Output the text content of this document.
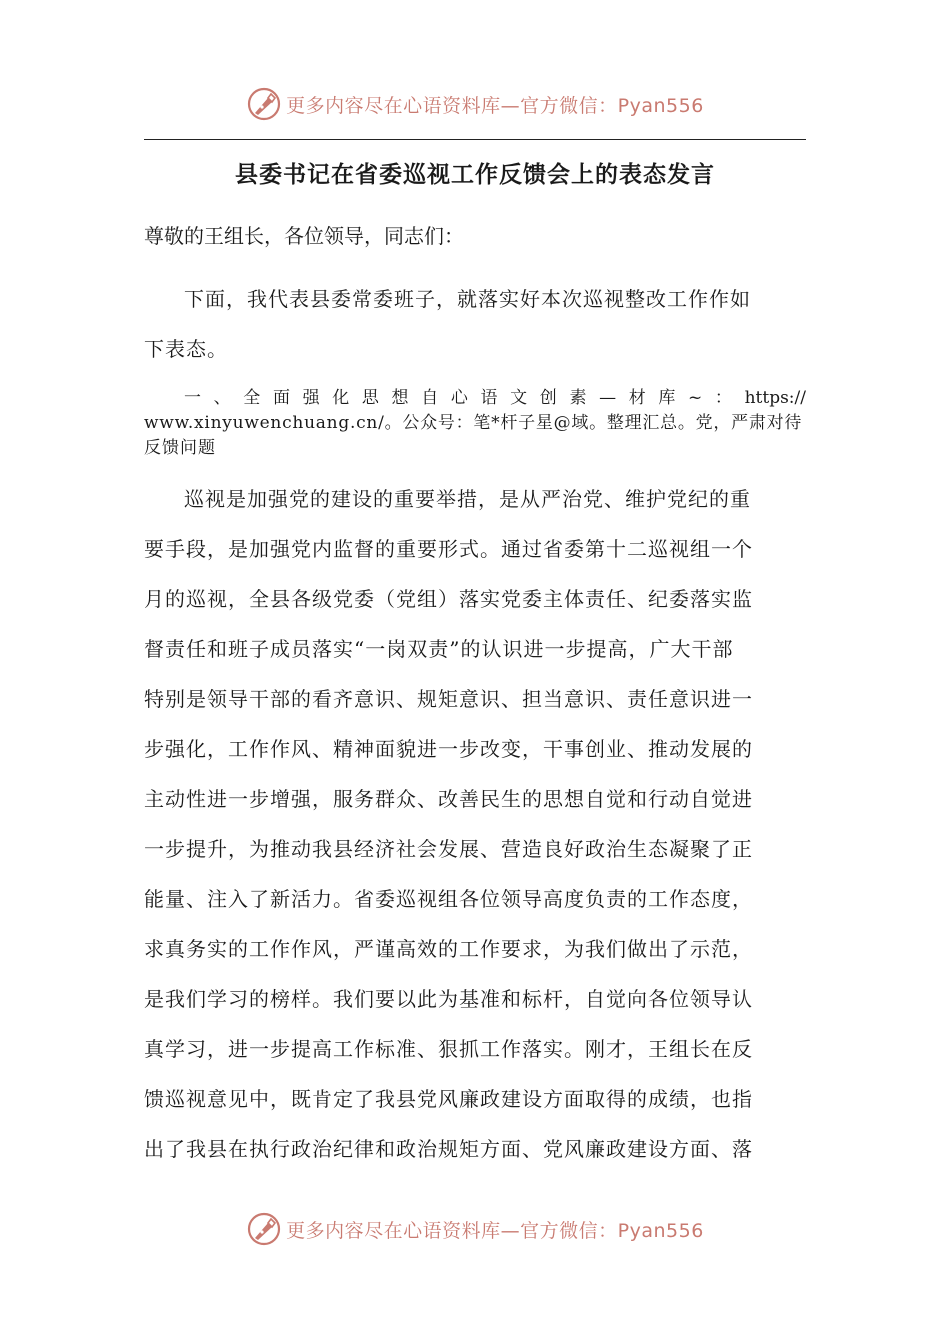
更多内容尽在心语资料库—官方微信：Pyan556
县委书记在省委巡视工作反馈会上的表态发言
尊敬的王组长，各位领导，同志们：
下面，我代表县委常委班子，就落实好本次巡视整改工作作如
下表态。
一、全面强化思想自心语文创素—材库~：https://
www.xinyuwenchuang.cn/。公众号：笔*杆子星@域。整理汇总。党，严肃对待
反馈问题
巡视是加强党的建设的重要举措，是从严治党、维护党纪的重
要手段，是加强党内监督的重要形式。通过省委第十二巡视组一个
月的巡视，全县各级党委（党组）落实党委主体责任、纪委落实监
督责任和班子成员落实“一岗双责”的认识进一步提高，广大干部
特别是领导干部的看齐意识、规矩意识、担当意识、责任意识进一
步强化，工作作风、精神面貌进一步改变，干事创业、推动发展的
主动性进一步增强，服务群众、改善民生的思想自觉和行动自觉进
一步提升，为推动我县经济社会发展、营造良好政治生态凝聚了正
能量、注入了新活力。省委巡视组各位领导高度负责的工作态度，
求真务实的工作作风，严谨高效的工作要求，为我们做出了示范，
是我们学习的榜样。我们要以此为基准和标杆，自觉向各位领导认
真学习，进一步提高工作标准、狠抓工作落实。刚才，王组长在反
馈巡视意见中，既肯定了我县党风廉政建设方面取得的成绩，也指
出了我县在执行政治纪律和政治规矩方面、党风廉政建设方面、落
更多内容尽在心语资料库—官方微信：Pyan556
